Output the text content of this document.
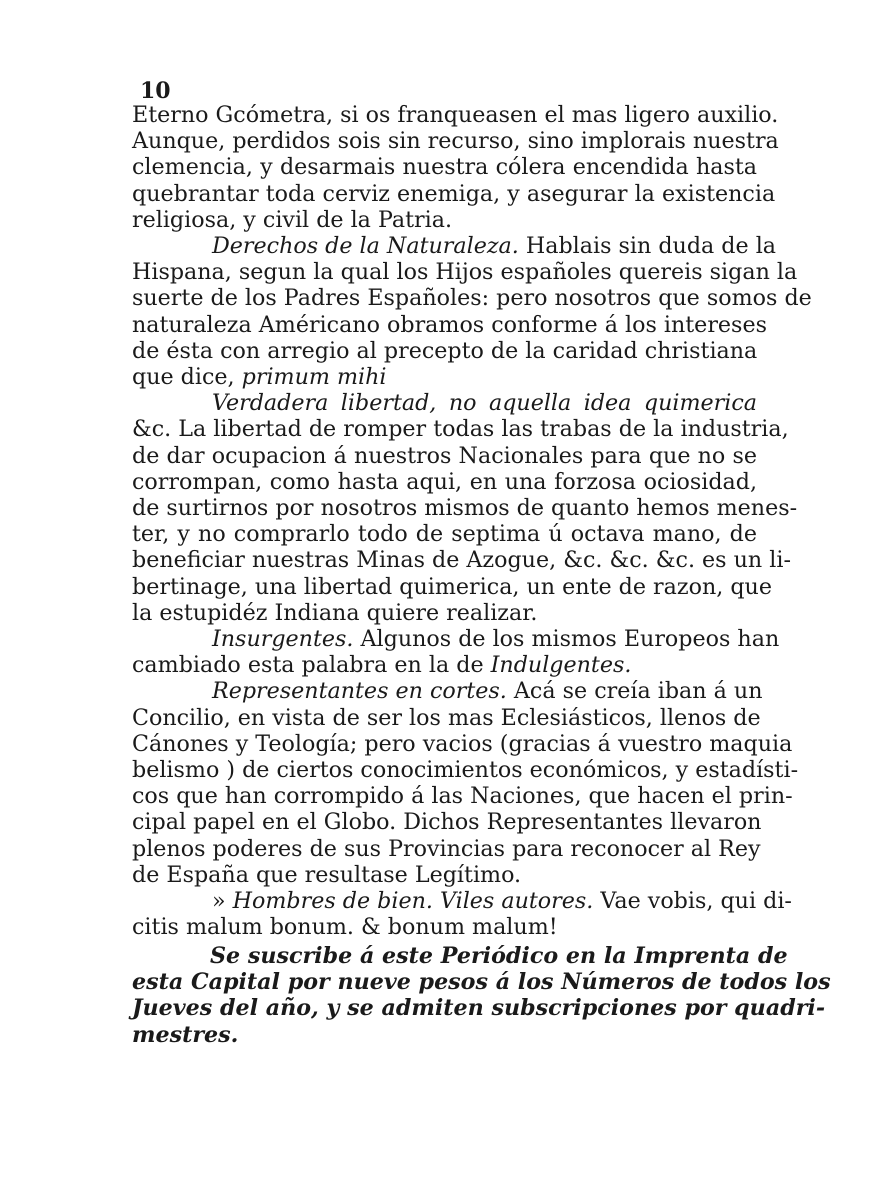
10
Eterno Gcómetra, si os franqueasen el mas ligero auxilio.
Aunque, perdidos sois sin recurso, sino implorais nuestra
clemencia, y desarmais nuestra cólera encendida hasta
quebrantar toda cerviz enemiga, y asegurar la existencia
religiosa, y civil de la Patria.
Derechos de la Naturaleza. Hablais sin duda de la
Hispana, segun la qual los Hijos españoles quereis sigan la
suerte de los Padres Españoles: pero nosotros que somos de
naturaleza Américano obramos conforme á los intereses
de ésta con arregio al precepto de la caridad christiana
que dice, primum mihi
Verdadera libertad, no aquella idea quimerica
&c. La libertad de romper todas las trabas de la industria,
de dar ocupacion á nuestros Nacionales para que no se
corrompan, como hasta aqui, en una forzosa ociosidad,
de surtirnos por nosotros mismos de quanto hemos menes-
ter, y no comprarlo todo de septima ú octava mano, de
beneficiar nuestras Minas de Azogue, &c. &c. &c. es un li-
bertinage, una libertad quimerica, un ente de razon, que
la estupidéz Indiana quiere realizar.
Insurgentes. Algunos de los mismos Europeos han
cambiado esta palabra en la de Indulgentes.
Representantes en cortes. Acá se creía iban á un
Concilio, en vista de ser los mas Eclesiásticos, llenos de
Cánones y Teología; pero vacios (gracias á vuestro maquia
belismo ) de ciertos conocimientos económicos, y estadísti-
cos que han corrompido á las Naciones, que hacen el prin-
cipal papel en el Globo. Dichos Representantes llevaron
plenos poderes de sus Provincias para reconocer al Rey
de España que resultase Legítimo.
» Hombres de bien. Viles autores. Vae vobis, qui di-
citis malum bonum. & bonum malum!
Se suscribe á este Periódico en la Imprenta de
esta Capital por nueve pesos á los Números de todos los
Jueves del año, y se admiten subscripciones por quadri-
mestres.
